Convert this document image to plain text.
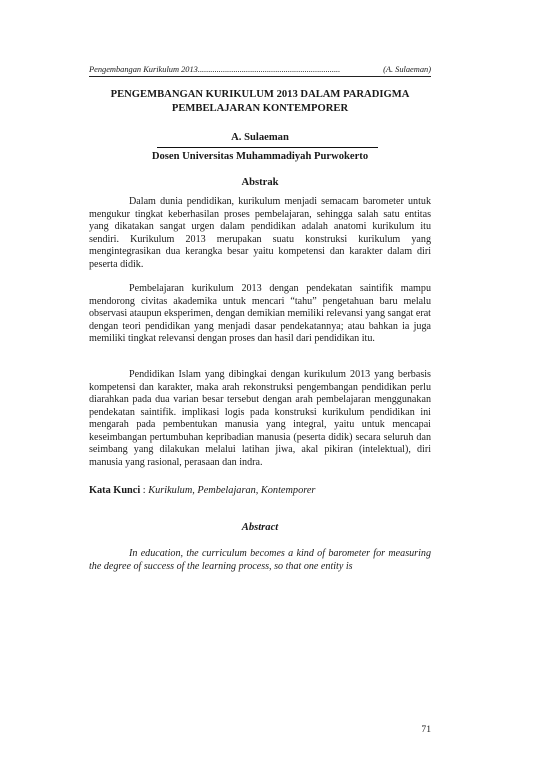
Pengembangan Kurikulum 2013....................................................................	(A. Sulaeman)
PENGEMBANGAN KURIKULUM 2013 DALAM PARADIGMA PEMBELAJARAN KONTEMPORER
A. Sulaeman
Dosen Universitas Muhammadiyah Purwokerto
Abstrak

Dalam dunia pendidikan, kurikulum menjadi semacam barometer untuk mengukur tingkat keberhasilan proses pembelajaran, sehingga salah satu entitas yang dikatakan sangat urgen dalam pendidikan adalah anatomi kurikulum itu sendiri. Kurikulum 2013 merupakan suatu konstruksi kurikulum yang mengintegrasikan dua kerangka besar yaitu kompetensi dan karakter dalam diri peserta didik.

Pembelajaran kurikulum 2013 dengan pendekatan saintifik mampu mendorong civitas akademika untuk mencari “tahu” pengetahuan baru melalu observasi ataupun eksperimen, dengan demikian memiliki relevansi yang sangat erat dengan teori pendidikan yang menjadi dasar pendekatannya; atau bahkan ia juga memiliki tingkat relevansi dengan proses dan hasil dari pendidikan itu.

Pendidikan Islam yang dibingkai dengan kurikulum 2013 yang berbasis kompetensi dan karakter, maka arah rekonstruksi pengembangan pendidikan perlu diarahkan pada dua varian besar tersebut dengan arah pembelajaran menggunakan pendekatan saintifik. implikasi logis pada konstruksi kurikulum pendidikan ini mengarah pada pembentukan manusia yang integral, yaitu untuk mencapai keseimbangan pertumbuhan kepribadian manusia (peserta didik) secara seluruh dan seimbang yang dilakukan melalui latihan jiwa, akal pikiran (intelektual), diri manusia yang rasional, perasaan dan indra.

Kata Kunci : Kurikulum, Pembelajaran, Kontemporer
Abstract

In education, the curriculum becomes a kind of barometer for measuring the degree of success of the learning process, so that one entity is

71
